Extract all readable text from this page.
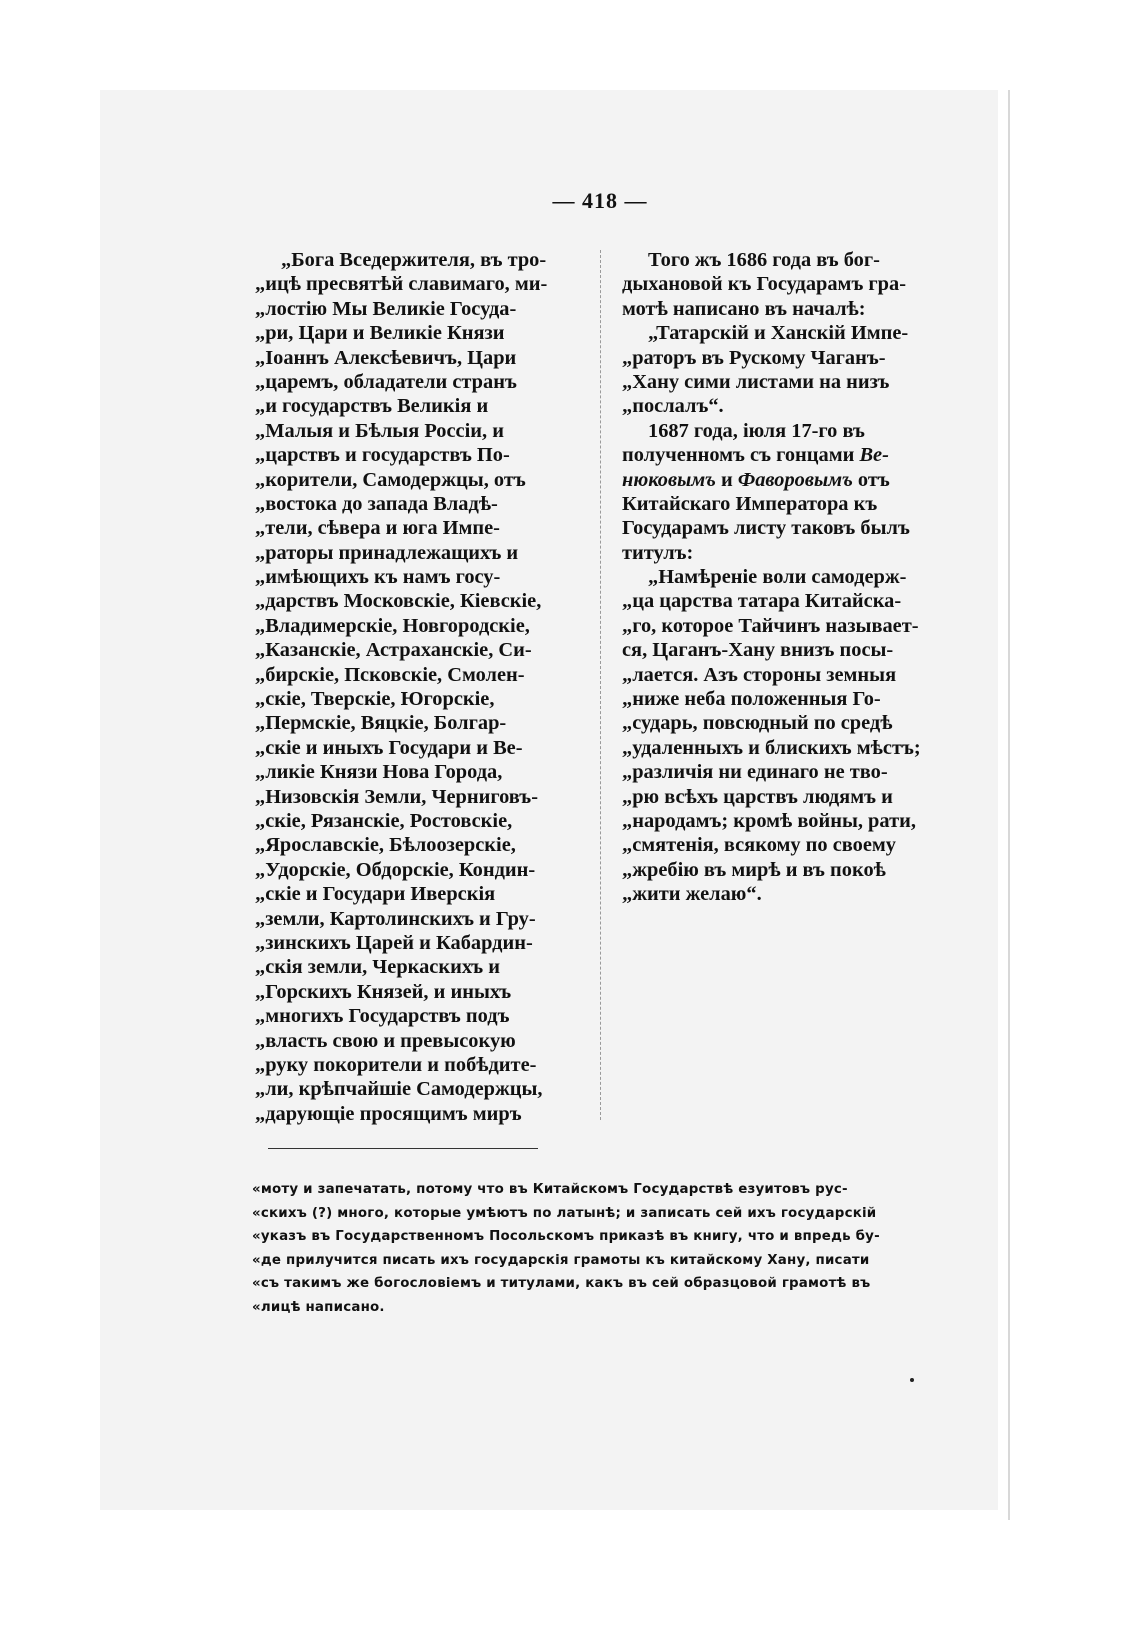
— 418 —
„Бога Вседержителя, въ тро-
„ицѣ пресвятѣй славимаго, ми-
„лостію Мы Великіе Госуда-
„ри, Цари и Великіе Князи
„Іоаннъ Алексѣевичъ, Цари
„царемъ, обладатели странъ
„и государствъ Великія и
„Малыя и Бѣлыя Россіи, и
„царствъ и государствъ По-
„корители, Самодержцы, отъ
„востока до запада Владѣ-
„тели, сѣвера и юга Импе-
„раторы принадлежащихъ и
„имѣющихъ къ намъ госу-
„дарствъ Московскіе, Кіевскіе,
„Владимерскіе, Новгородскіе,
„Казанскіе, Астраханскіе, Си-
„бирскіе, Псковскіе, Смолен-
„скіе, Тверскіе, Югорскіе,
„Пермскіе, Вяцкіе, Болгар-
„скіе и иныхъ Государи и Ве-
„ликіе Князи Нова Города,
„Низовскія Земли, Черниговъ-
„скіе, Рязанскіе, Ростовскіе,
„Ярославскіе, Бѣлоозерскіе,
„Удорскіе, Обдорскіе, Кондин-
„скіе и Государи Иверскія
„земли, Картолинскихъ и Гру-
„зинскихъ Царей и Кабардин-
„скія земли, Черкаскихъ и
„Горскихъ Князей, и иныхъ
„многихъ Государствъ подъ
„власть свою и превысокую
„руку покорители и побѣдите-
„ли, крѣпчайшіе Самодержцы,
„дарующіе просящимъ миръ
Того жъ 1686 года въ бог-
дыхановой къ Государамъ гра-
мотѣ написано въ началѣ:
„Татарскій и Ханскій Импе-
„раторъ въ Рускому Чаганъ-
„Хану сими листами на низъ
„послалъ“.
1687 года, іюля 17-го въ
полученномъ съ гонцами Ве-
нюковымъ и Фаворовымъ отъ
Китайскаго Императора къ
Государамъ листу таковъ былъ
титулъ:
„Намѣреніе воли самодерж-
„ца царства татара Китайска-
„го, которое Тайчинъ называет-
ся, Цаганъ-Хану внизъ посы-
„лается. Азъ стороны земныя
„ниже неба положенныя Го-
„сударь, повсюдный по средѣ
„удаленныхъ и блискихъ мѣстъ;
„различія ни единаго не тво-
„рю всѣхъ царствъ людямъ и
„народамъ; кромѣ войны, рати,
„смятенія, всякому по своему
„жребію въ мирѣ и въ покоѣ
„жити желаю“.
«моту и запечатать, потому что въ Китайскомъ Государствѣ езуитовъ рус-
«скихъ (?) много, которые умѣютъ по латынѣ; и записать сей ихъ государскій
«указъ въ Государственномъ Посольскомъ приказѣ въ книгу, что и впредь бу-
«де прилучится писать ихъ государскія грамоты къ китайскому Хану, писати
«съ такимъ же богословіемъ и титулами, какъ въ сей образцовой грамотѣ въ
«лицѣ написано.
